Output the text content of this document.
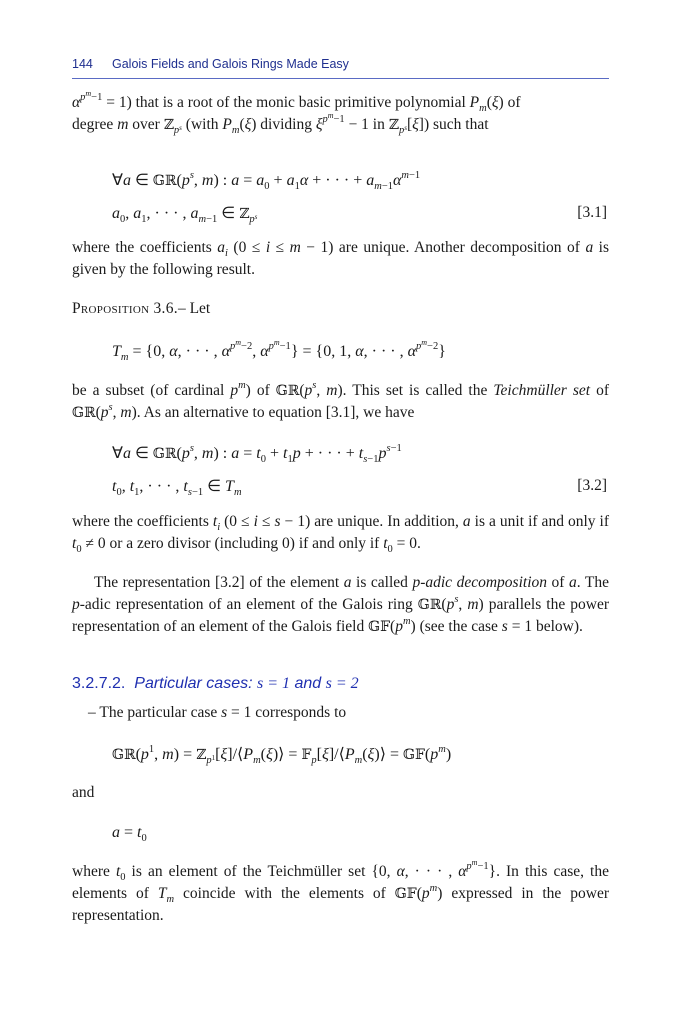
144 Galois Fields and Galois Rings Made Easy
$\alpha^{p^m-1} = 1$) that is a root of the monic basic primitive polynomial $P_m(\xi)$ of
degree m over ℤ$_{p^s}$ (with $P_m(\xi)$ dividing $\xi^{p^m-1} - 1$ in ℤ$_{p^s}$[ξ]) such that
∀a ∈ $𝔾ℝ(p^s$, m) : $a = a_0 + a_1\alpha$ + · · · + $a_{m-1}\alpha^{m-1}$
$a_0$, $a_1$, · · · , $a_{m-1}$ ∈ ℤ$_{p^s}$	[3.1]
where the coefficients $a_i$ (0 ≤ i ≤ m − 1) are unique. Another decomposition of a is given by the following result.
Proposition 3.6.– Let
$T_m = \{0$, α, · · · , $\alpha^{p^m-2}$, $\alpha^{p^m-1}\} = \{0$, 1, α, · · · , $\alpha^{p^m-2}$}
be a subset (of cardinal $p^m$) of $𝔾ℝ(p^s$, m). This set is called the Teichmüller set of $𝔾ℝ(p^s$, m). As an alternative to equation [3.1], we have
∀a ∈ $𝔾ℝ(p^s$, m) : $a = t_0 + t_1p$ + · · · + $t_{s-1}p^{s-1}$
$t_0$, $t_1$, · · · , $t_{s-1}$ ∈ $T_m$	[3.2]
where the coefficients $t_i$ (0 ≤ i ≤ s − 1) are unique. In addition, a is a unit if and only if $t_0 \ne 0$ or a zero divisor (including 0) if and only if $t_0 = 0$.
The representation [3.2] of the element a is called p-adic decomposition of a. The p-adic representation of an element of the Galois ring $𝔾ℝ(p^s$, m) parallels the power representation of an element of the Galois field $𝔾𝔽(p^m)$ (see the case s = 1 below).
3.2.7.2. Particular cases: s = 1 and s = 2
– The particular case s = 1 corresponds to
$𝔾ℝ(p^1$, $m) = ℤ_{p^1}[\xi]/⟨P_m(\xi)⟩$ = $𝔽_p[\xi]/⟨P_m(\xi)⟩$ = $𝔾𝔽(p^m)$
and
$a = t_0$
where $t_0$ is an element of the Teichmüller set {0, α, · · · , $\alpha^{p^m-1}$}. In this case, the elements of $T_m$ coincide with the elements of $𝔾𝔽(p^m)$ expressed in the power representation.
